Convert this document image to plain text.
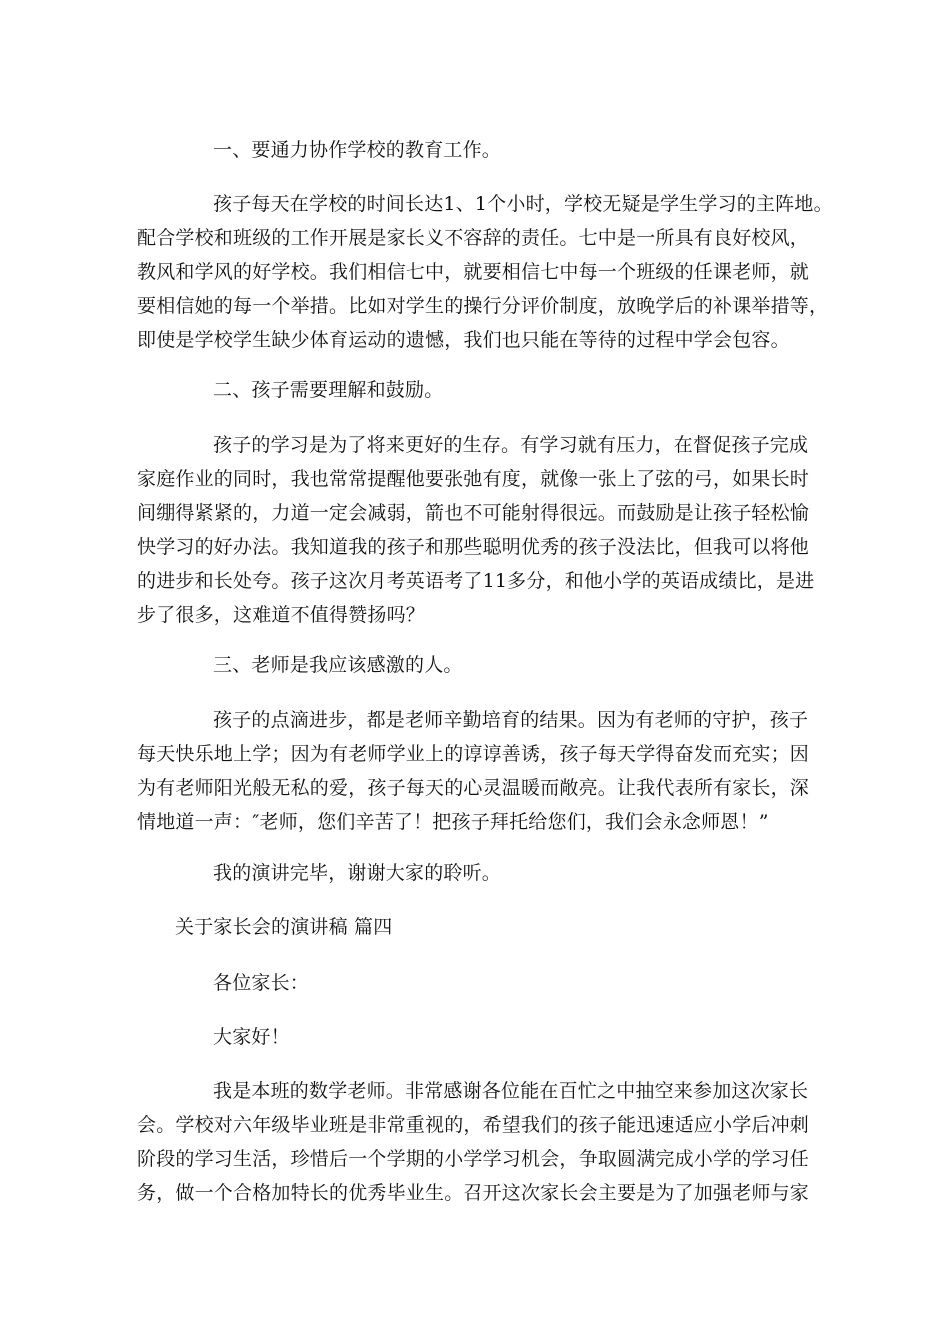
一、要通力协作学校的教育工作。
孩子每天在学校的时间长达1、1个小时，学校无疑是学生学习的主阵地。
配合学校和班级的工作开展是家长义不容辞的责任。七中是一所具有良好校风，
教风和学风的好学校。我们相信七中，就要相信七中每一个班级的任课老师，就
要相信她的每一个举措。比如对学生的操行分评价制度，放晚学后的补课举措等，
即使是学校学生缺少体育运动的遗憾，我们也只能在等待的过程中学会包容。
二、孩子需要理解和鼓励。
孩子的学习是为了将来更好的生存。有学习就有压力，在督促孩子完成
家庭作业的同时，我也常常提醒他要张弛有度，就像一张上了弦的弓，如果长时
间绷得紧紧的，力道一定会减弱，箭也不可能射得很远。而鼓励是让孩子轻松愉
快学习的好办法。我知道我的孩子和那些聪明优秀的孩子没法比，但我可以将他
的进步和长处夸。孩子这次月考英语考了11多分，和他小学的英语成绩比，是进
步了很多，这难道不值得赞扬吗？
三、老师是我应该感激的人。
孩子的点滴进步，都是老师辛勤培育的结果。因为有老师的守护，孩子
每天快乐地上学；因为有老师学业上的谆谆善诱，孩子每天学得奋发而充实；因
为有老师阳光般无私的爱，孩子每天的心灵温暖而敞亮。让我代表所有家长，深
情地道一声：″老师，您们辛苦了！把孩子拜托给您们，我们会永念师恩！”
我的演讲完毕，谢谢大家的聆听。
关于家长会的演讲稿 篇四
各位家长：
大家好！
我是本班的数学老师。非常感谢各位能在百忙之中抽空来参加这次家长
会。学校对六年级毕业班是非常重视的，希望我们的孩子能迅速适应小学后冲刺
阶段的学习生活，珍惜后一个学期的小学学习机会，争取圆满完成小学的学习任
务，做一个合格加特长的优秀毕业生。召开这次家长会主要是为了加强老师与家
